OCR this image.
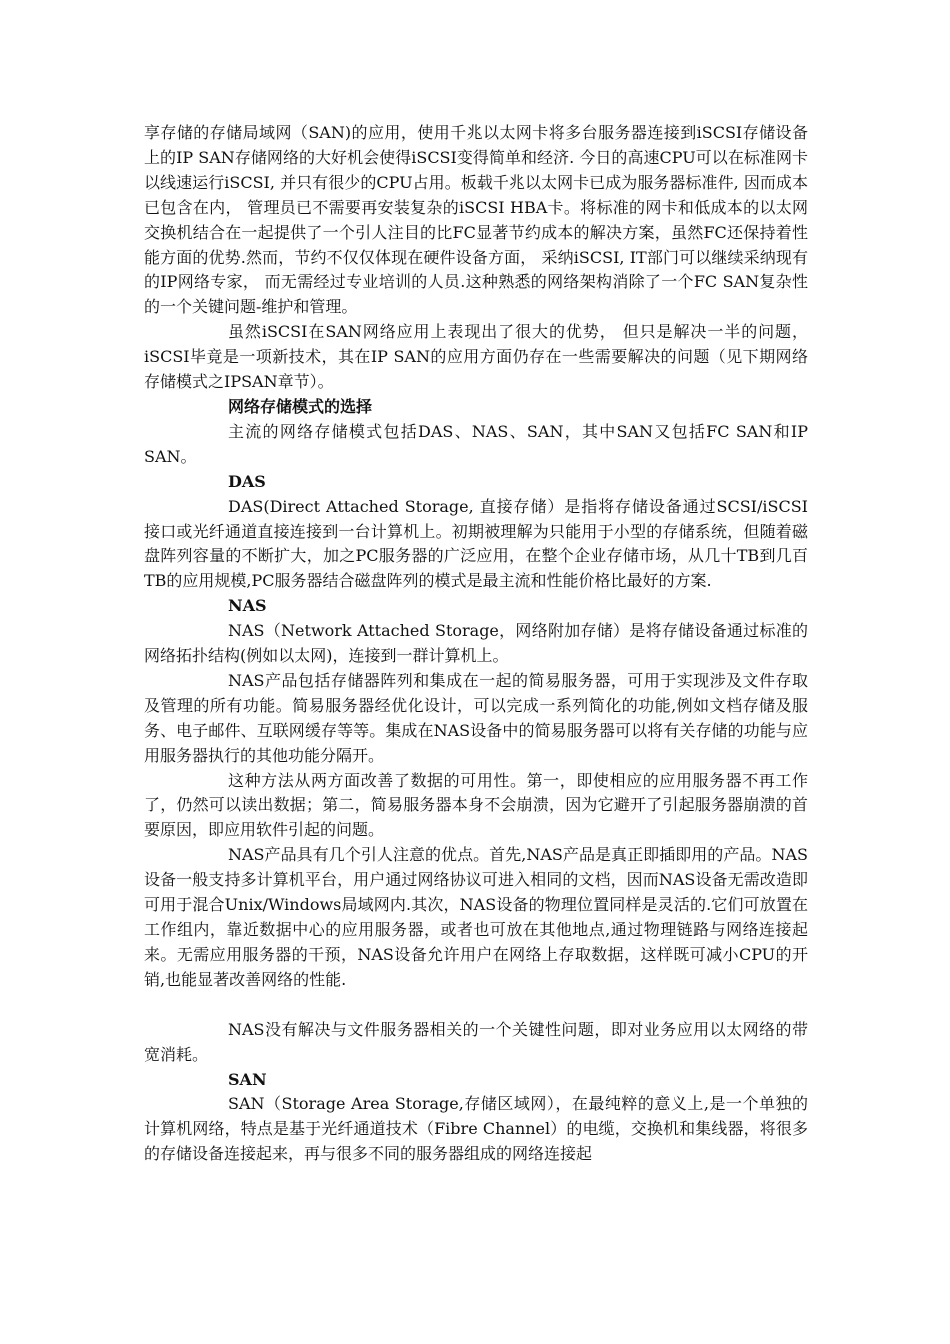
享存储的存储局域网（SAN)的应用，使用千兆以太网卡将多台服务器连接到iSCSI存储设备上的IP SAN存储网络的大好机会使得iSCSI变得简单和经济. 今日的高速CPU可以在标准网卡以线速运行iSCSI, 并只有很少的CPU占用。板载千兆以太网卡已成为服务器标准件, 因而成本已包含在内， 管理员已不需要再安装复杂的iSCSI HBA卡。将标准的网卡和低成本的以太网交换机结合在一起提供了一个引人注目的比FC显著节约成本的解决方案，虽然FC还保持着性能方面的优势.然而，节约不仅仅体现在硬件设备方面， 采纳iSCSI, IT部门可以继续采纳现有的IP网络专家， 而无需经过专业培训的人员.这种熟悉的网络架构消除了一个FC SAN复杂性的一个关键问题-维护和管理。

虽然iSCSI在SAN网络应用上表现出了很大的优势， 但只是解决一半的问题，iSCSI毕竟是一项新技术，其在IP SAN的应用方面仍存在一些需要解决的问题（见下期网络存储模式之IPSAN章节）。

网络存储模式的选择

主流的网络存储模式包括DAS、NAS、SAN，其中SAN又包括FC SAN和IP SAN。

DAS

DAS(Direct Attached Storage, 直接存储）是指将存储设备通过SCSI/iSCSI接口或光纤通道直接连接到一台计算机上。初期被理解为只能用于小型的存储系统，但随着磁盘阵列容量的不断扩大，加之PC服务器的广泛应用，在整个企业存储市场，从几十TB到几百TB的应用规模,PC服务器结合磁盘阵列的模式是最主流和性能价格比最好的方案.

NAS

NAS（Network Attached Storage，网络附加存储）是将存储设备通过标准的网络拓扑结构(例如以太网)，连接到一群计算机上。

NAS产品包括存储器阵列和集成在一起的简易服务器，可用于实现涉及文件存取及管理的所有功能。简易服务器经优化设计，可以完成一系列简化的功能,例如文档存储及服务、电子邮件、互联网缓存等等。集成在NAS设备中的简易服务器可以将有关存储的功能与应用服务器执行的其他功能分隔开。

这种方法从两方面改善了数据的可用性。第一，即使相应的应用服务器不再工作了，仍然可以读出数据；第二，简易服务器本身不会崩溃，因为它避开了引起服务器崩溃的首要原因，即应用软件引起的问题。

NAS产品具有几个引人注意的优点。首先,NAS产品是真正即插即用的产品。NAS设备一般支持多计算机平台，用户通过网络协议可进入相同的文档，因而NAS设备无需改造即可用于混合Unix/Windows局域网内.其次，NAS设备的物理位置同样是灵活的.它们可放置在工作组内，靠近数据中心的应用服务器，或者也可放在其他地点,通过物理链路与网络连接起来。无需应用服务器的干预，NAS设备允许用户在网络上存取数据，这样既可减小CPU的开销,也能显著改善网络的性能.

NAS没有解决与文件服务器相关的一个关键性问题，即对业务应用以太网络的带宽消耗。

SAN

SAN（Storage Area Storage,存储区域网），在最纯粹的意义上,是一个单独的计算机网络，特点是基于光纤通道技术（Fibre Channel）的电缆，交换机和集线器，将很多的存储设备连接起来，再与很多不同的服务器组成的网络连接起
